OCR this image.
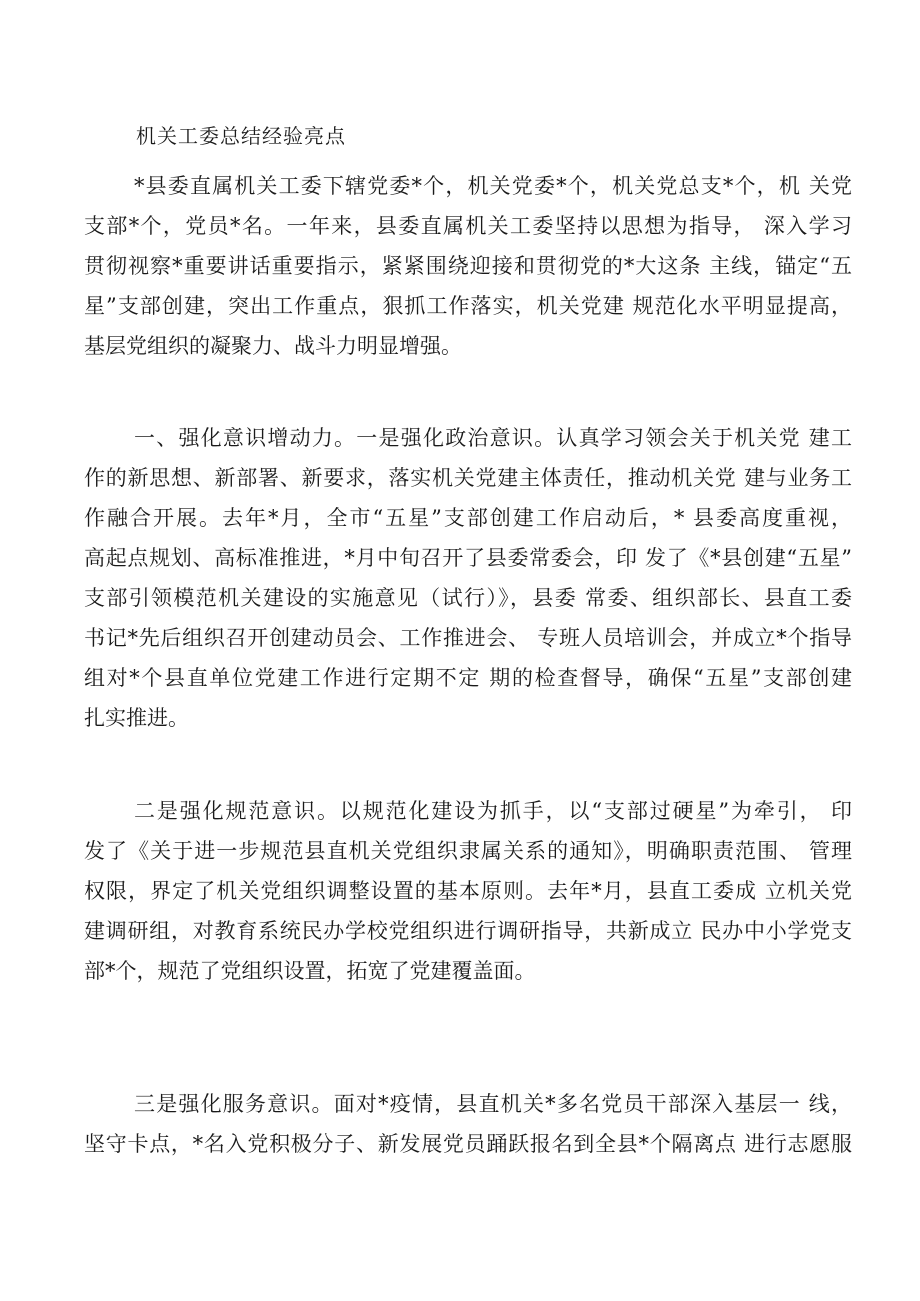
机关工委总结经验亮点
*县委直属机关工委下辖党委*个，机关党委*个，机关党总支*个，机 关党
支部*个，党员*名。一年来，县委直属机关工委坚持以思想为指导， 深入学习
贯彻视察*重要讲话重要指示，紧紧围绕迎接和贯彻党的*大这条 主线，锚定“五
星”支部创建，突出工作重点，狠抓工作落实，机关党建 规范化水平明显提高，
基层党组织的凝聚力、战斗力明显增强。
一、强化意识增动力。一是强化政治意识。认真学习领会关于机关党 建工
作的新思想、新部署、新要求，落实机关党建主体责任，推动机关党 建与业务工
作融合开展。去年*月，全市“五星”支部创建工作启动后，* 县委高度重视，
高起点规划、高标准推进，*月中旬召开了县委常委会，印 发了《*县创建“五星”
支部引领模范机关建设的实施意见（试行）》，县委 常委、组织部长、县直工委
书记*先后组织召开创建动员会、工作推进会、 专班人员培训会，并成立*个指导
组对*个县直单位党建工作进行定期不定 期的检查督导，确保“五星”支部创建
扎实推进。
二是强化规范意识。以规范化建设为抓手，以“支部过硬星”为牵引， 印
发了《关于进一步规范县直机关党组织隶属关系的通知》，明确职责范围、 管理
权限，界定了机关党组织调整设置的基本原则。去年*月，县直工委成 立机关党
建调研组，对教育系统民办学校党组织进行调研指导，共新成立 民办中小学党支
部*个，规范了党组织设置，拓宽了党建覆盖面。
三是强化服务意识。面对*疫情，县直机关*多名党员干部深入基层一 线，
坚守卡点，*名入党积极分子、新发展党员踊跃报名到全县*个隔离点 进行志愿服
